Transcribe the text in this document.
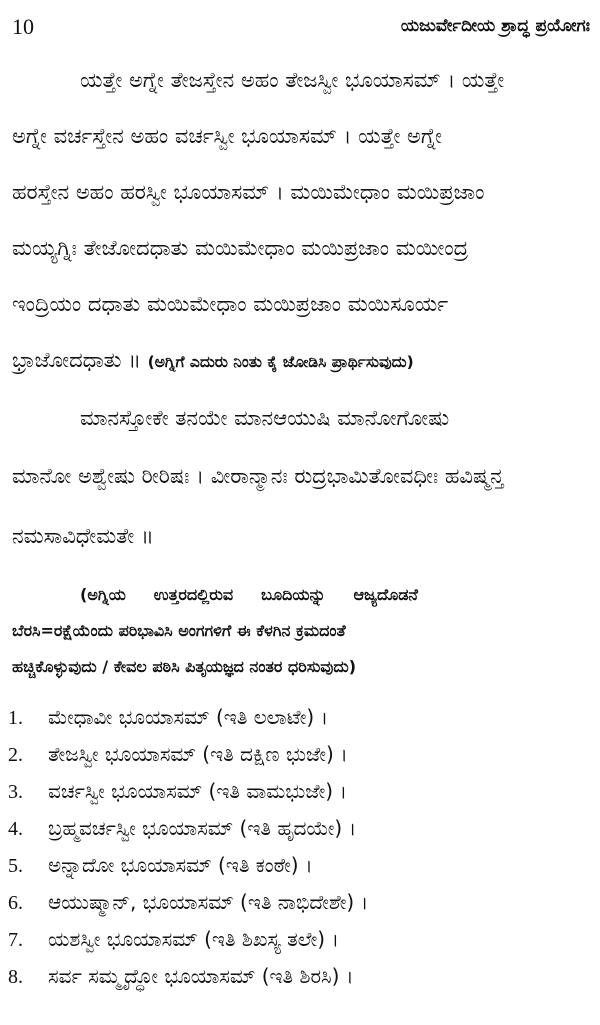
10	ಯಜುರ್ವೇದೀಯ ಶ್ರಾದ್ಧ ಪ್ರಯೋಗಃ
ಯತ್ತೇ ಅಗ್ನೇ ತೇಜಸ್ತೇನ ಅಹಂ ತೇಜಸ್ವೀ ಭೂಯಾಸಮ್ । ಯತ್ತೇ
ಅಗ್ನೇ ವರ್ಚಸ್ತೇನ ಅಹಂ ವರ್ಚಸ್ವೀ ಭೂಯಾಸಮ್ । ಯತ್ತೇ ಅಗ್ನೇ
ಹರಸ್ತೇನ ಅಹಂ ಹರಸ್ವೀ ಭೂಯಾಸಮ್ । ಮಯಿಮೇಧಾಂ ಮಯಿಪ್ರಜಾಂ
ಮಯ್ಯಗ್ನಿಃ ತೇಜೋದಧಾತು ಮಯಿಮೇಧಾಂ ಮಯಿಪ್ರಜಾಂ ಮಯೀಂದ್ರ
ಇಂದ್ರಿಯಂ ದಧಾತು ಮಯಿಮೇಧಾಂ ಮಯಿಪ್ರಜಾಂ ಮಯಿಸೂರ್ಯ
ಭ್ರಾಜೋದಧಾತು ॥ (ಅಗ್ನಿಗೆ ಎದುರು ನಿಂತು ಕೈ ಜೋಡಿಸಿ ಪ್ರಾರ್ಥಿಸುವುದು)
ಮಾನಸ್ತೋಕೇ ತನಯೇ ಮಾನಆಯುಷಿ ಮಾನೋಗೋಷು
ಮಾನೋ ಅಶ್ವೇಷು ರೀರಿಷಃ । ವೀರಾನ್ಮಾನಃ ರುದ್ರಭಾಮಿತೋವಧೀಃ ಹವಿಷ್ಮನ್ತ
ನಮಸಾವಿಧೇಮತೇ ॥
(ಅಗ್ನಿಯ     ಉತ್ತರದಲ್ಲಿರುವ     ಬೂದಿಯನ್ನು     ಆಜ್ಯದೊಡನೆ
ಬೆರಸಿ=ರಕ್ಷೆಯೆಂದು ಪರಿಭಾವಿಸಿ ಅಂಗಗಳಿಗೆ ಈ ಕೆಳಗಿನ ಕ್ರಮದಂತೆ
ಹಚ್ಚಿಕೊಳ್ಳುವುದು / ಕೇವಲ ಪಠಿಸಿ ಪಿತೃಯಜ್ಞದ ನಂತರ ಧರಿಸುವುದು)
1. ಮೇಧಾವೀ ಭೂಯಾಸಮ್ (ಇತಿ ಲಲಾಟೇ) ।
2. ತೇಜಸ್ವೀ ಭೂಯಾಸಮ್ (ಇತಿ ದಕ್ಷಿಣ ಭುಜೇ) ।
3. ವರ್ಚಸ್ವೀ ಭೂಯಾಸಮ್ (ಇತಿ ವಾಮಭುಜೇ) ।
4. ಬ್ರಹ್ಮವರ್ಚಸ್ವೀ ಭೂಯಾಸಮ್ (ಇತಿ ಹೃದಯೇ) ।
5. ಅನ್ನಾದೋ ಭೂಯಾಸಮ್ (ಇತಿ ಕಂಠೇ) ।
6. ಆಯುಷ್ಮಾನ್, ಭೂಯಾಸಮ್ (ಇತಿ ನಾಭಿದೇಶೇ) ।
7. ಯಶಸ್ವೀ ಭೂಯಾಸಮ್ (ಇತಿ ಶಿಖಸ್ಯ ತಲೇ) ।
8. ಸರ್ವ ಸಮ್ಮೃದ್ಧೋ ಭೂಯಾಸಮ್ (ಇತಿ ಶಿರಸಿ) ।
